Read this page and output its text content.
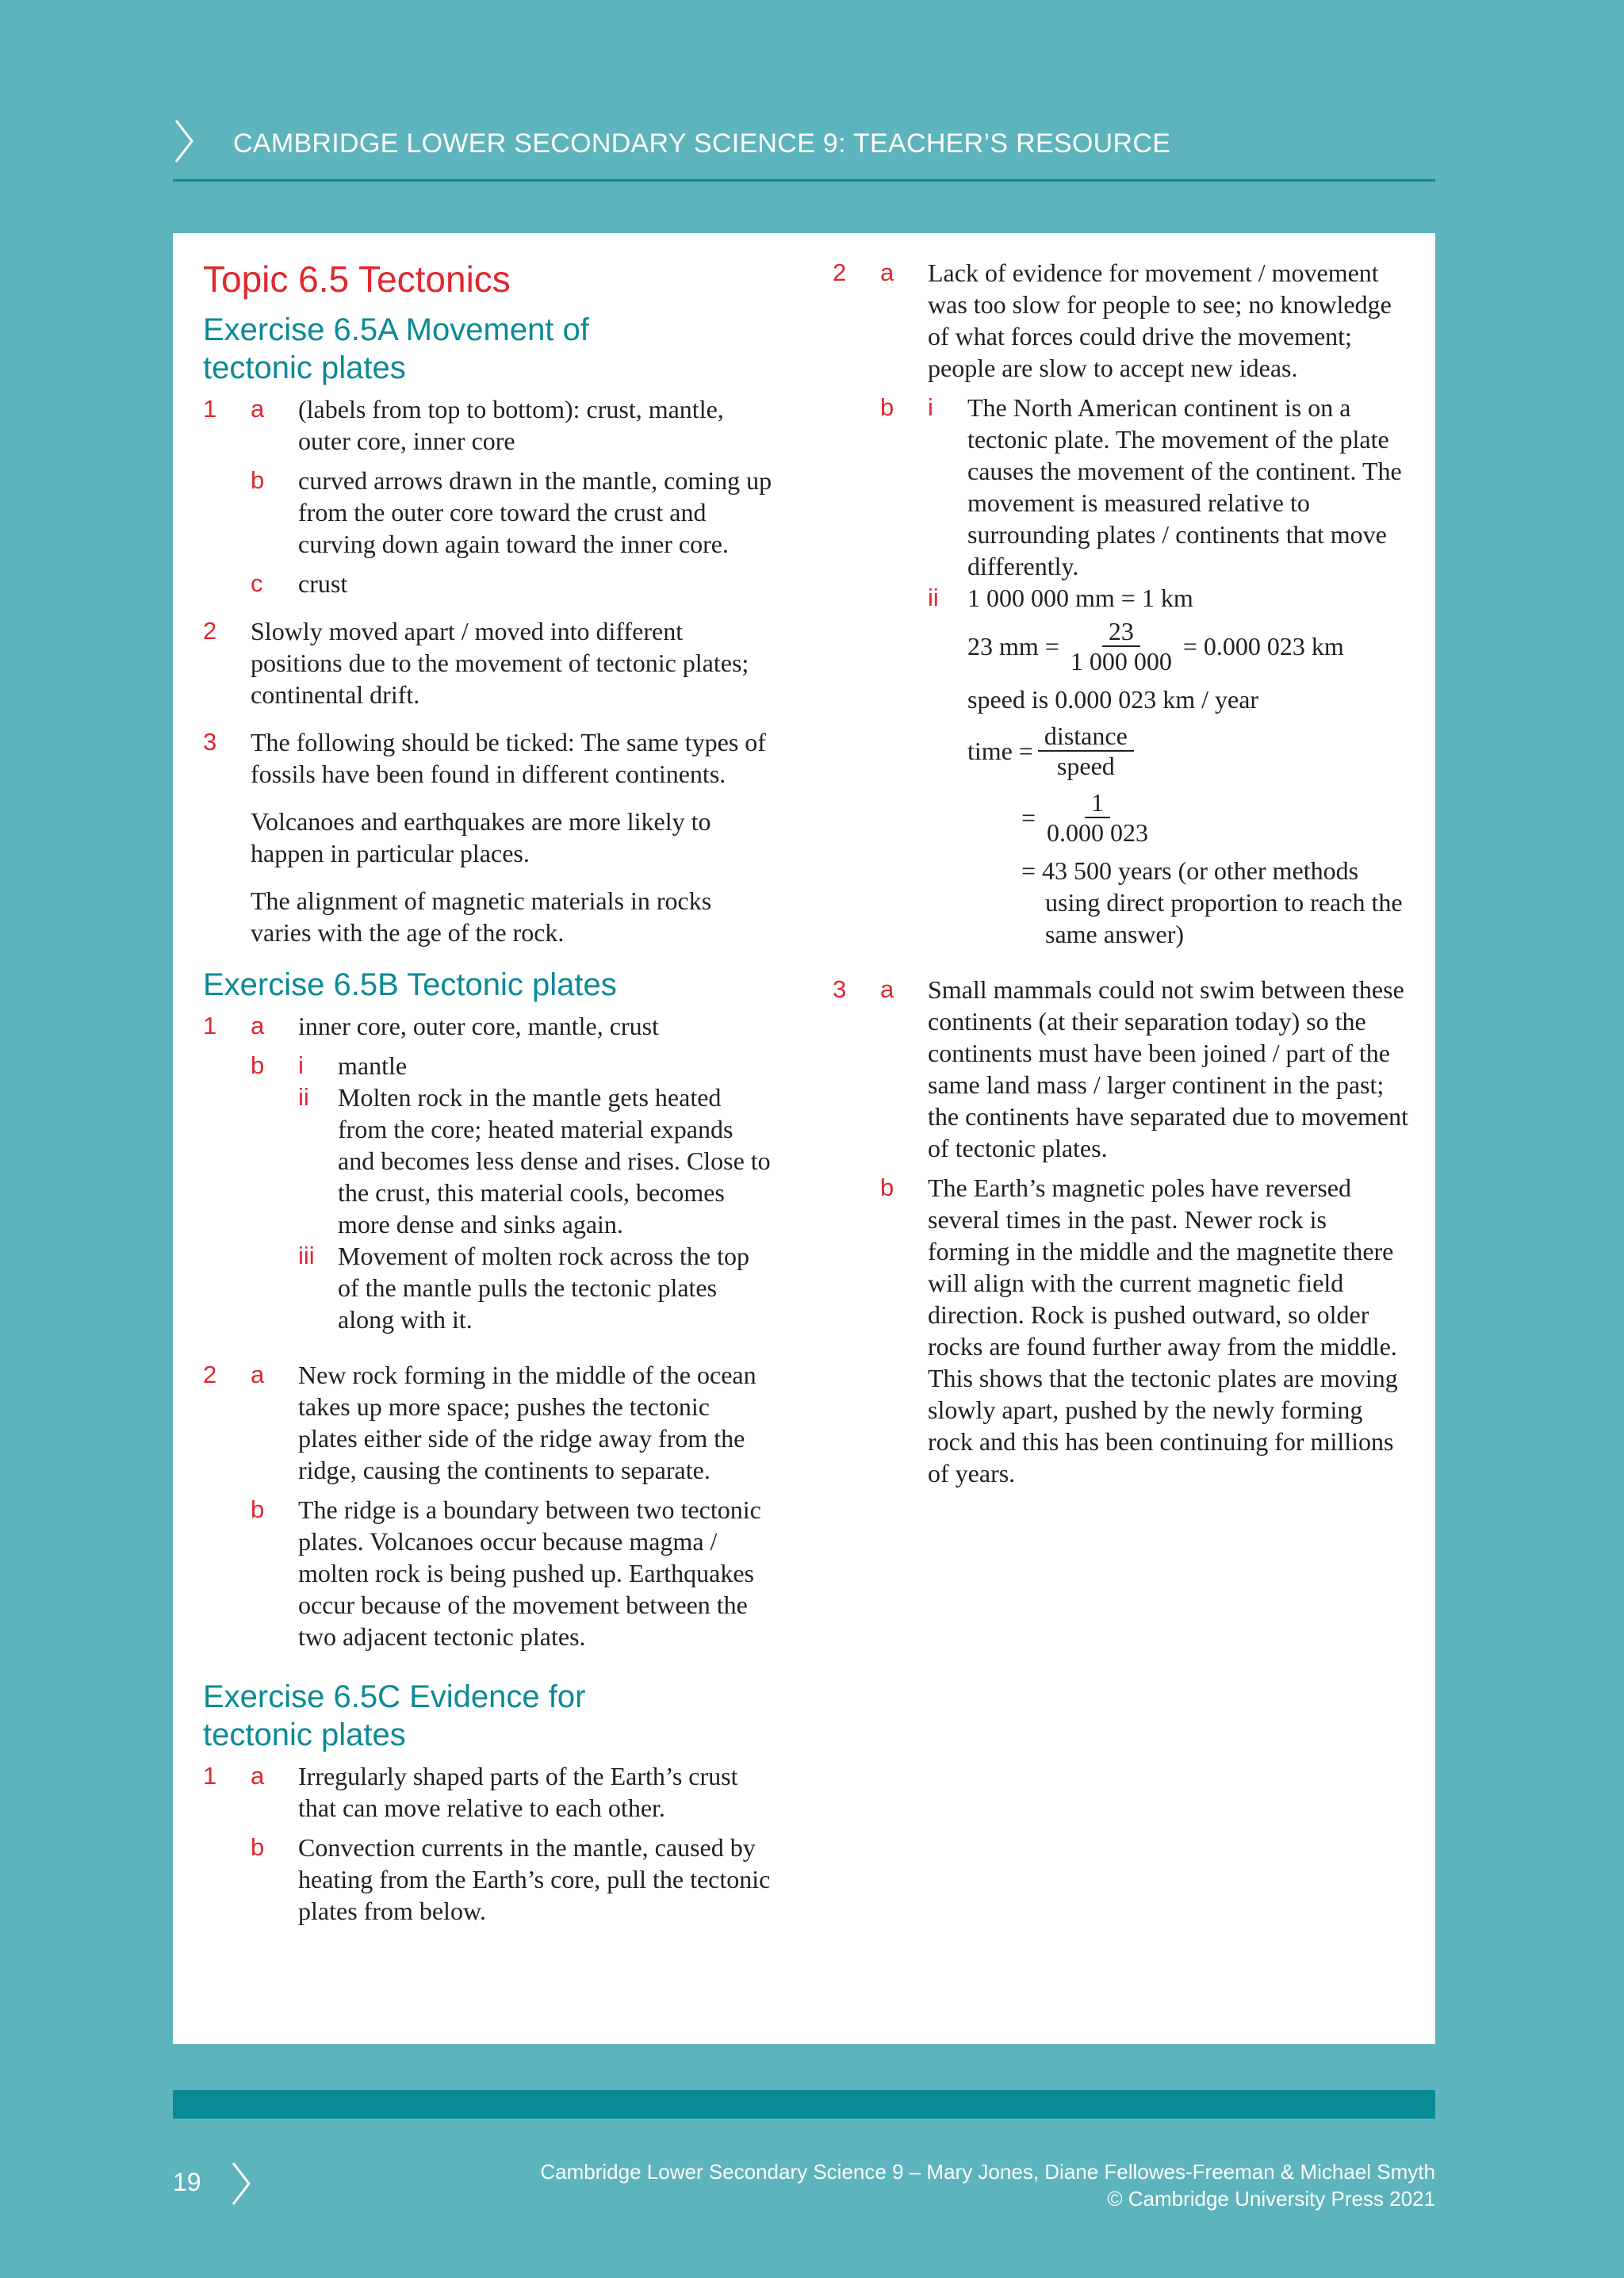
CAMBRIDGE LOWER SECONDARY SCIENCE 9: TEACHER’S RESOURCE
Topic 6.5 Tectonics
Exercise 6.5A Movement of
tectonic plates
1	a	(labels from top to bottom): crust, mantle, outer core, inner core
b	curved arrows drawn in the mantle, coming up from the outer core toward the crust and curving down again toward the inner core.
c	crust
2	Slowly moved apart / moved into different positions due to the movement of tectonic plates; continental drift.
3	The following should be ticked: The same types of fossils have been found in different continents.
Volcanoes and earthquakes are more likely to happen in particular places.
The alignment of magnetic materials in rocks varies with the age of the rock.
Exercise 6.5B Tectonic plates
1	a	inner core, outer core, mantle, crust
b	i	mantle
ii	Molten rock in the mantle gets heated from the core; heated material expands and becomes less dense and rises. Close to the crust, this material cools, becomes more dense and sinks again.
iii Movement of molten rock across the top of the mantle pulls the tectonic plates along with it.
2	a	New rock forming in the middle of the ocean takes up more space; pushes the tectonic plates either side of the ridge away from the ridge, causing the continents to separate.
b	The ridge is a boundary between two tectonic plates. Volcanoes occur because magma / molten rock is being pushed up. Earthquakes occur because of the movement between the two adjacent tectonic plates.
Exercise 6.5C Evidence for
tectonic plates
1	a	Irregularly shaped parts of the Earth’s crust that can move relative to each other.
b	Convection currents in the mantle, caused by heating from the Earth’s core, pull the tectonic plates from below.
2	a	Lack of evidence for movement / movement was too slow for people to see; no knowledge of what forces could drive the movement; people are slow to accept new ideas.
b	i	The North American continent is on a tectonic plate. The movement of the plate causes the movement of the continent. The movement is measured relative to surrounding plates / continents that move differently.
ii	1 000 000 mm = 1 km
23 mm = $\frac{23}{1 000 000} = 0.000$ 023 km
speed is 0.000 023 km / year
time = $\frac{\text{distance}}{\text{speed}}$
= $\frac{1}{0.000 023}$
= 43 500 years (or other methods using direct proportion to reach the same answer)
3	a	Small mammals could not swim between these continents (at their separation today) so the continents must have been joined / part of the same land mass / larger continent in the past; the continents have separated due to movement of tectonic plates.
b	The Earth’s magnetic poles have reversed several times in the past. Newer rock is forming in the middle and the magnetite there will align with the current magnetic field direction. Rock is pushed outward, so older rocks are found further away from the middle. This shows that the tectonic plates are moving slowly apart, pushed by the newly forming rock and this has been continuing for millions of years.
19	Cambridge Lower Secondary Science 9 – Mary Jones, Diane Fellowes-Freeman & Michael Smyth
© Cambridge University Press 2021
